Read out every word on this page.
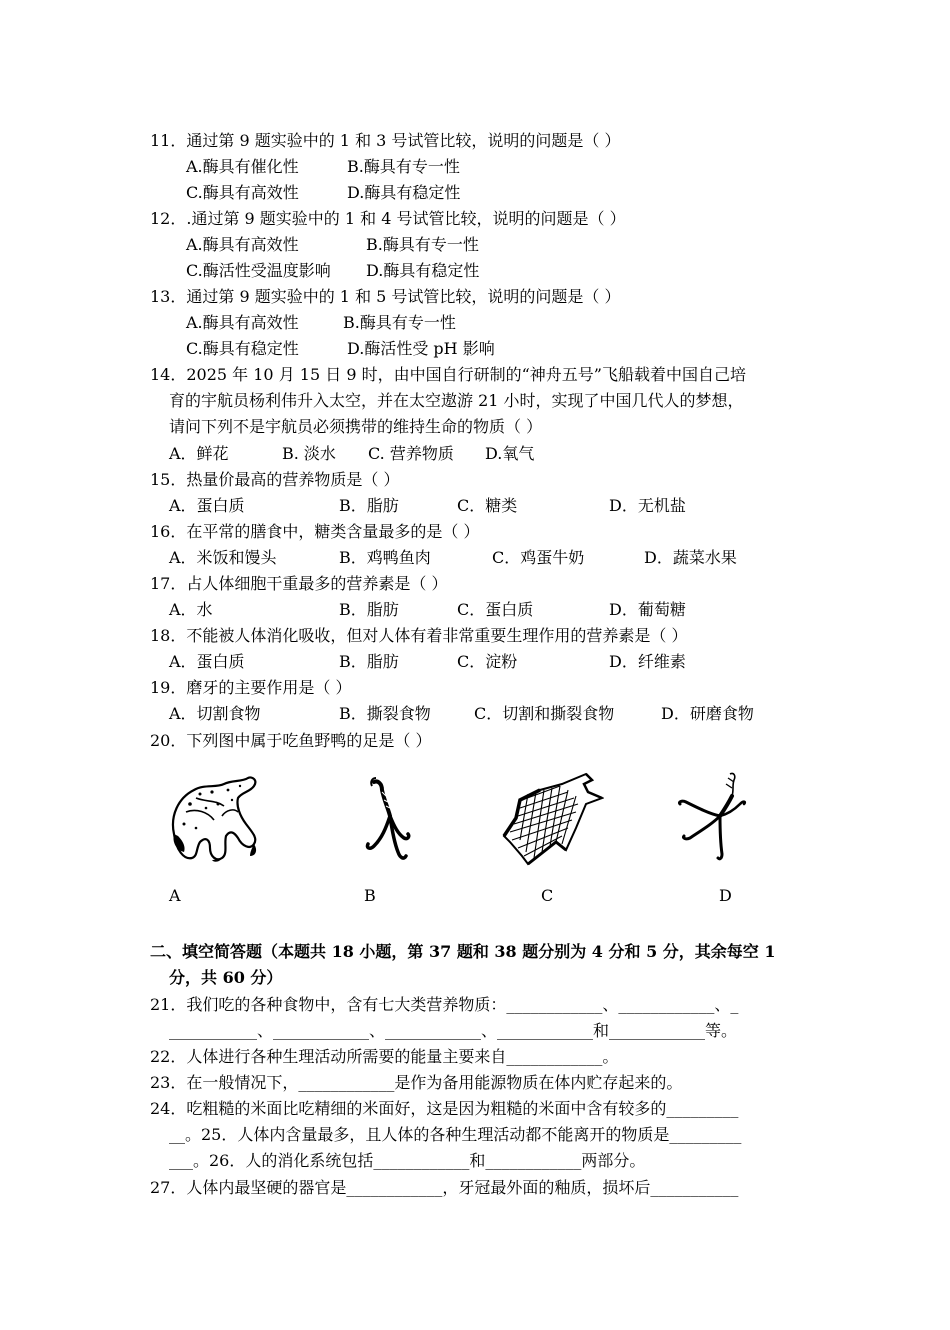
11．通过第 9 题实验中的 1 和 3 号试管比较，说明的问题是（ ）
A.酶具有催化性	B.酶具有专一性
C.酶具有高效性	D.酶具有稳定性
12．.通过第 9 题实验中的 1 和 4 号试管比较，说明的问题是（ ）
A.酶具有高效性	B.酶具有专一性
C.酶活性受温度影响 D.酶具有稳定性
13．通过第 9 题实验中的 1 和 5 号试管比较，说明的问题是（ ）
A.酶具有高效性	B.酶具有专一性
C.酶具有稳定性	D.酶活性受 pH 影响
14．2025 年 10 月 15 日 9 时，由中国自行研制的“神舟五号”飞船载着中国自己培
育的宇航员杨利伟升入太空，并在太空遨游 21 小时，实现了中国几代人的梦想，
请问下列不是宇航员必须携带的维持生命的物质（ ）
A．鲜花	B. 淡水 C. 营养物质 D.氧气
15．热量价最高的营养物质是（ ）
A．蛋白质	B．脂肪	C．糖类	D．无机盐
16．在平常的膳食中，糖类含量最多的是（ ）
A．米饭和馒头	B．鸡鸭鱼肉	C．鸡蛋牛奶	D．蔬菜水果
17．占人体细胞干重最多的营养素是（ ）
A．水	B．脂肪	C．蛋白质	D．葡萄糖
18．不能被人体消化吸收，但对人体有着非常重要生理作用的营养素是（ ）
A．蛋白质	B．脂肪	C．淀粉	D．纤维素
19．磨牙的主要作用是（ ）
A．切割食物	B．撕裂食物	C．切割和撕裂食物	D．研磨食物
20．下列图中属于吃鱼野鸭的足是（ ）
A	B	C	D
二、填空简答题（本题共 18 小题，第 37 题和 38 题分别为 4 分和 5 分，其余每空 1
分，共 60 分）
21．我们吃的各种食物中，含有七大类营养物质：____________、____________、_
___________、____________、____________、____________和____________等。
22．人体进行各种生理活动所需要的能量主要来自____________。
23．在一般情况下，____________是作为备用能源物质在体内贮存起来的。
24．吃粗糙的米面比吃精细的米面好，这是因为粗糙的米面中含有较多的_________
__。25．人体内含量最多，且人体的各种生理活动都不能离开的物质是_________
___。26．人的消化系统包括____________和____________两部分。
27．人体内最坚硬的器官是____________，牙冠最外面的釉质，损坏后___________
